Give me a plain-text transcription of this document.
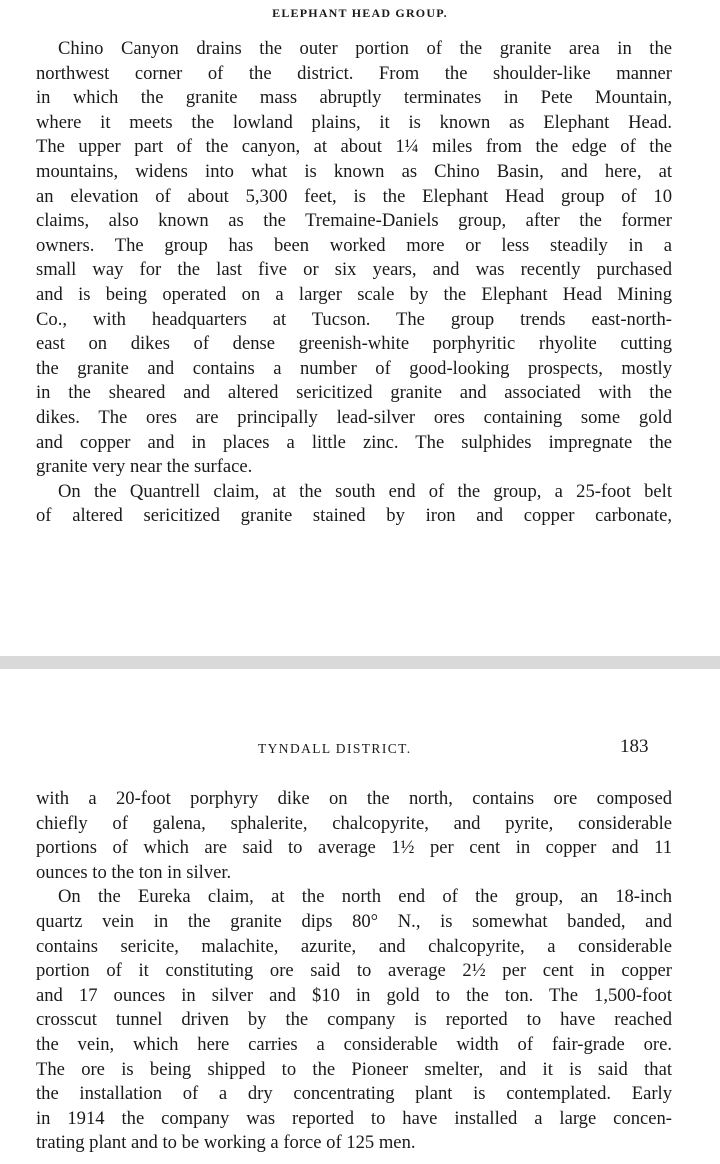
ELEPHANT HEAD GROUP.
Chino Canyon drains the outer portion of the granite area in the
northwest corner of the district. From the shoulder-like manner
in which the granite mass abruptly terminates in Pete Mountain,
where it meets the lowland plains, it is known as Elephant Head.
The upper part of the canyon, at about 1¼ miles from the edge of the
mountains, widens into what is known as Chino Basin, and here, at
an elevation of about 5,300 feet, is the Elephant Head group of 10
claims, also known as the Tremaine-Daniels group, after the former
owners. The group has been worked more or less steadily in a
small way for the last five or six years, and was recently purchased
and is being operated on a larger scale by the Elephant Head Mining
Co., with headquarters at Tucson. The group trends east-north-
east on dikes of dense greenish-white porphyritic rhyolite cutting
the granite and contains a number of good-looking prospects, mostly
in the sheared and altered sericitized granite and associated with the
dikes. The ores are principally lead-silver ores containing some gold
and copper and in places a little zinc. The sulphides impregnate the
granite very near the surface.
On the Quantrell claim, at the south end of the group, a 25-foot belt
of altered sericitized granite stained by iron and copper carbonate,
TYNDALL DISTRICT.	183
with a 20-foot porphyry dike on the north, contains ore composed
chiefly of galena, sphalerite, chalcopyrite, and pyrite, considerable
portions of which are said to average 1½ per cent in copper and 11
ounces to the ton in silver.
On the Eureka claim, at the north end of the group, an 18-inch
quartz vein in the granite dips 80° N., is somewhat banded, and
contains sericite, malachite, azurite, and chalcopyrite, a considerable
portion of it constituting ore said to average 2½ per cent in copper
and 17 ounces in silver and $10 in gold to the ton. The 1,500-foot
crosscut tunnel driven by the company is reported to have reached
the vein, which here carries a considerable width of fair-grade ore.
The ore is being shipped to the Pioneer smelter, and it is said that
the installation of a dry concentrating plant is contemplated. Early
in 1914 the company was reported to have installed a large concen-
trating plant and to be working a force of 125 men.
